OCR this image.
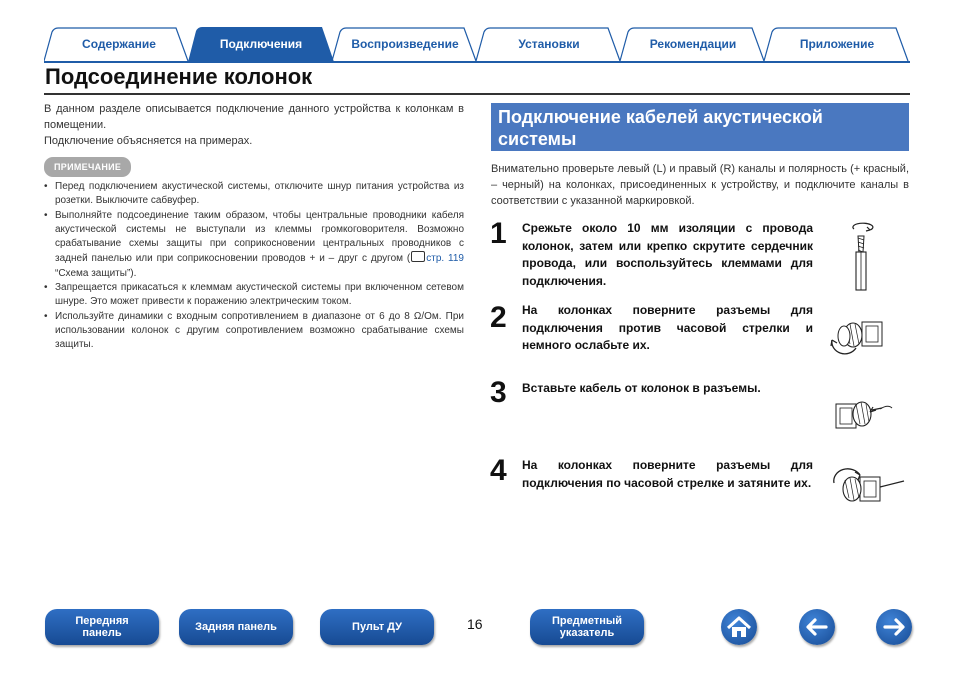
Содержание	Подключения	Воспроизведение	Установки	Рекомендации	Приложение
Подсоединение колонок

В данном разделе описывается подключение данного устройства к колонкам в помещении.

Подключение объясняется на примерах.

ПРИМЕЧАНИЕ
• Перед подключением акустической системы, отключите шнур питания устройства из розетки. Выключите сабвуфер.
• Выполняйте подсоединение таким образом, чтобы центральные проводники кабеля акустической системы не выступали из клеммы громкоговорителя. Возможно срабатывание схемы защиты при соприкосновении центральных проводников с задней панелью или при соприкосновении проводов + и – друг с другом ( стр. 119 “Схема защиты”).
• Запрещается прикасаться к клеммам акустической системы при включенном сетевом шнуре. Это может привести к поражению электрическим током.
• Используйте динамики с входным сопротивлением в диапазоне от 6 до 8 Ω/Ом. При использовании колонок с другим сопротивлением возможно срабатывание схемы защиты.
Подключение кабелей акустической системы

Внимательно проверьте левый (L) и правый (R) каналы и полярность (+ красный, – черный) на колонках, присоединенных к устройству, и подключите каналы в соответствии с указанной маркировкой.

1 Срежьте около 10 мм изоляции с провода колонок, затем или крепко скрутите сердечник провода, или воспользуйтесь клеммами для подключения.

2 На колонках поверните разъемы для подключения против часовой стрелки и немного ослабьте их.

3 Вставьте кабель от колонок в разъемы.

4 На колонках поверните разъемы для подключения по часовой стрелке и затяните их.

Передняя
панель	Задняя панель	Пульт ДУ	16	Предметный
указатель
